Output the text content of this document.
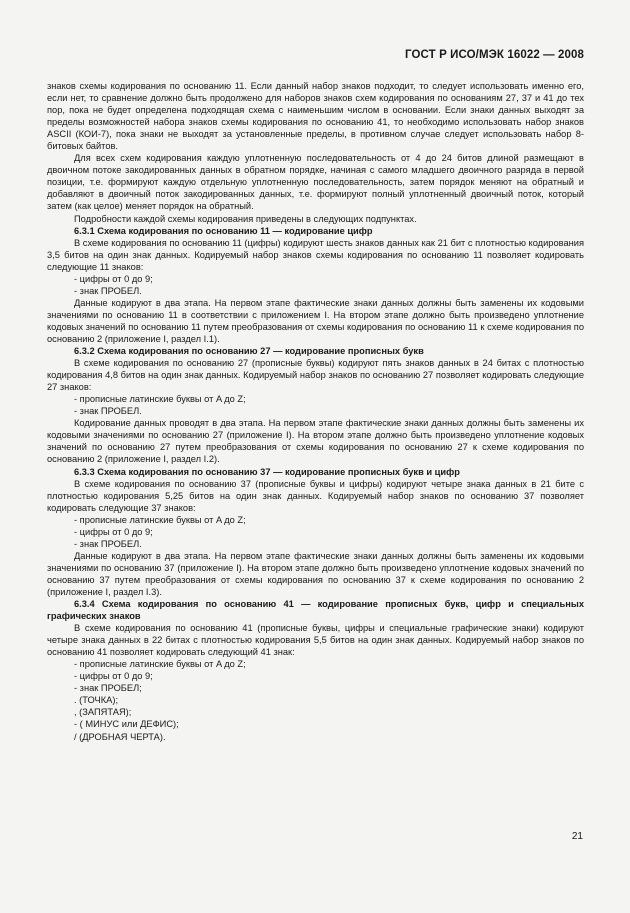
ГОСТ Р ИСО/МЭК 16022 — 2008

знаков схемы кодирования по основанию 11. Если данный набор знаков подходит, то следует использовать именно его, если нет, то сравнение должно быть продолжено для наборов знаков схем кодирования по основаниям 27, 37 и 41 до тех пор, пока не будет определена подходящая схема с наименьшим числом в основании. Если знаки данных выходят за пределы возможностей набора знаков схемы кодирования по основанию 41, то необходимо использовать набор знаков ASCII (КОИ-7), пока знаки не выходят за установленные пределы, в противном случае следует использовать набор 8-битовых байтов.

Для всех схем кодирования каждую уплотненную последовательность от 4 до 24 битов длиной размещают в двоичном потоке закодированных данных в обратном порядке, начиная с самого младшего двоичного разряда в первой позиции, т.е. формируют каждую отдельную уплотненную последовательность, затем порядок меняют на обратный и добавляют в двоичный поток закодированных данных, т.е. формируют полный уплотненный двоичный поток, который затем (как целое) меняет порядок на обратный.

Подробности каждой схемы кодирования приведены в следующих подпунктах.

6.3.1 Схема кодирования по основанию 11 — кодирование цифр

В схеме кодирования по основанию 11 (цифры) кодируют шесть знаков данных как 21 бит с плотностью кодирования 3,5 битов на один знак данных. Кодируемый набор знаков схемы кодирования по основанию 11 позволяет кодировать следующие 11 знаков:

- цифры от 0 до 9;

- знак ПРОБЕЛ.

Данные кодируют в два этапа. На первом этапе фактические знаки данных должны быть заменены их кодовыми значениями по основанию 11 в соответствии с приложением I. На втором этапе должно быть произведено уплотнение кодовых значений по основанию 11 путем преобразования от схемы кодирования по основанию 11 к схеме кодирования по основанию 2 (приложение I, раздел I.1).

6.3.2 Схема кодирования по основанию 27 — кодирование прописных букв

В схеме кодирования по основанию 27 (прописные буквы) кодируют пять знаков данных в 24 битах с плотностью кодирования 4,8 битов на один знак данных. Кодируемый набор знаков по основанию 27 позволяет кодировать следующие 27 знаков:

- прописные латинские буквы от A до Z;

- знак ПРОБЕЛ.

Кодирование данных проводят в два этапа. На первом этапе фактические знаки данных должны быть заменены их кодовыми значениями по основанию 27 (приложение I). На втором этапе должно быть произведено уплотнение кодовых значений по основанию 27 путем преобразования от схемы кодирования по основанию 27 к схеме кодирования по основанию 2 (приложение I, раздел I.2).

6.3.3 Схема кодирования по основанию 37 — кодирование прописных букв и цифр

В схеме кодирования по основанию 37 (прописные буквы и цифры) кодируют четыре знака данных в 21 бите с плотностью кодирования 5,25 битов на один знак данных. Кодируемый набор знаков по основанию 37 позволяет кодировать следующие 37 знаков:

- прописные латинские буквы от A до Z;

- цифры от 0 до 9;

- знак ПРОБЕЛ.

Данные кодируют в два этапа. На первом этапе фактические знаки данных должны быть заменены их кодовыми значениями по основанию 37 (приложение I). На втором этапе должно быть произведено уплотнение кодовых значений по основанию 37 путем преобразования от схемы кодирования по основанию 37 к схеме кодирования по основанию 2 (приложение I, раздел I.3).

6.3.4 Схема кодирования по основанию 41 — кодирование прописных букв, цифр и специальных графических знаков

В схеме кодирования по основанию 41 (прописные буквы, цифры и специальные графические знаки) кодируют четыре знака данных в 22 битах с плотностью кодирования 5,5 битов на один знак данных. Кодируемый набор знаков по основанию 41 позволяет кодировать следующий 41 знак:

- прописные латинские буквы от A до Z;

- цифры от 0 до 9;

- знак ПРОБЕЛ;

. (ТОЧКА);

, (ЗАПЯТАЯ);

- ( МИНУС или ДЕФИС);

/ (ДРОБНАЯ ЧЕРТА).

21
